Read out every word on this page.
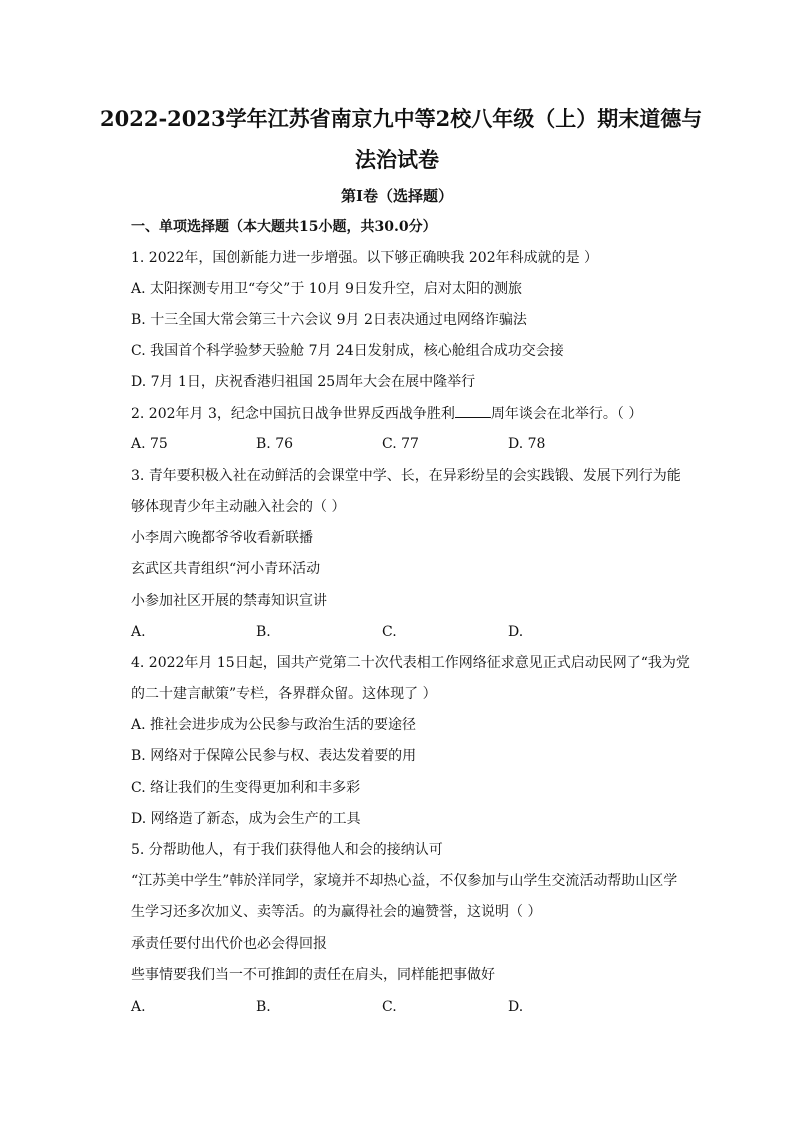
2022-2023学年江苏省南京九中等2校八年级（上）期末道德与
法治试卷
第I卷（选择题）
一、单项选择题（本大题共15小题，共30.0分）
1. 2022年，国创新能力进一步增强。以下够正确映我 202年科成就的是 ）
A. 太阳探测专用卫“夸父”于 10月 9日发升空，启对太阳的测旅
B. 十三全国大常会第三十六会议 9月 2日表决通过电网络诈骗法
C. 我国首个科学验梦天验舱 7月 24日发射成，核心舱组合成功交会接
D. 7月 1日，庆祝香港归祖国 25周年大会在展中隆举行
2. 202年月 3，纪念中国抗日战争世界反西战争胜利	周年谈会在北举行。（ ）
A. 75	B. 76	C. 77	D. 78
3. 青年要积极入社在动鲜活的会课堂中学、长，在异彩纷呈的会实践锻、发展下列行为能
够体现青少年主动融入社会的（ ）
小李周六晚都爷爷收看新联播
玄武区共青组织“河小青环活动
小参加社区开展的禁毒知识宣讲
A.	B.	C.	D.
4. 2022年月 15日起，国共产党第二十次代表相工作网络征求意见正式启动民网了“我为党
的二十建言献策”专栏，各界群众留。这体现了 ）
A. 推社会进步成为公民参与政治生活的要途径
B. 网络对于保障公民参与权、表达发着要的用
C. 络让我们的生变得更加利和丰多彩
D. 网络造了新态，成为会生产的工具
5. 分帮助他人，有于我们获得他人和会的接纳认可
“江苏美中学生”韩於洋同学，家境并不却热心益，不仅参加与山学生交流活动帮助山区学
生学习还多次加义、卖等活。的为赢得社会的遍赞誉，这说明（ ）
承责任要付出代价也必会得回报
些事情要我们当一不可推卸的责任在肩头，同样能把事做好
A.	B.	C.	D.
